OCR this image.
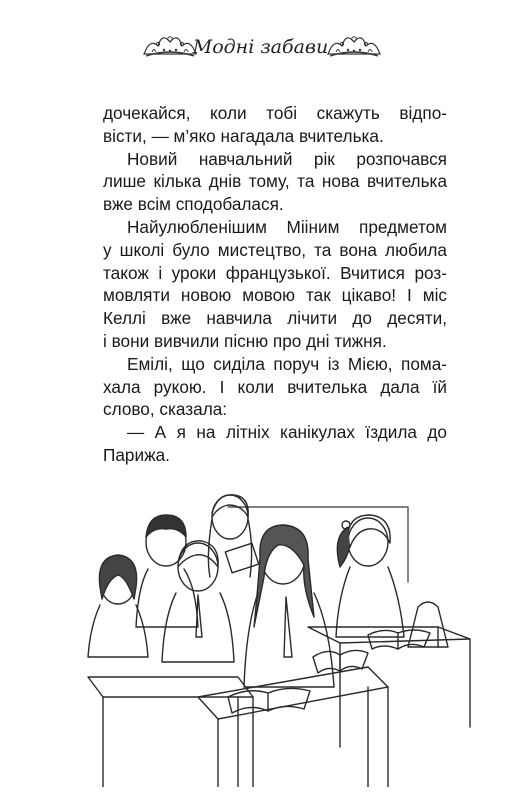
Модні забави

дочекайся, коли тобі скажуть відпо-
вісти, — м’яко нагадала вчителька.

Новий навчальний рік розпочався
лише кілька днів тому, та нова вчителька
вже всім сподобалася.

Найулюбленішим Мііним предметом
у школі було мистецтво, та вона любила
також і уроки французької. Вчитися роз-
мовляти новою мовою так цікаво! І міс
Келлі вже навчила лічити до десяти,
і вони вивчили пісню про дні тижня.

Емілі, що сиділа поруч із Мією, пома-
хала рукою. І коли вчителька дала їй
слово, сказала:

— А я на літніх канікулах їздила до
Парижа.
